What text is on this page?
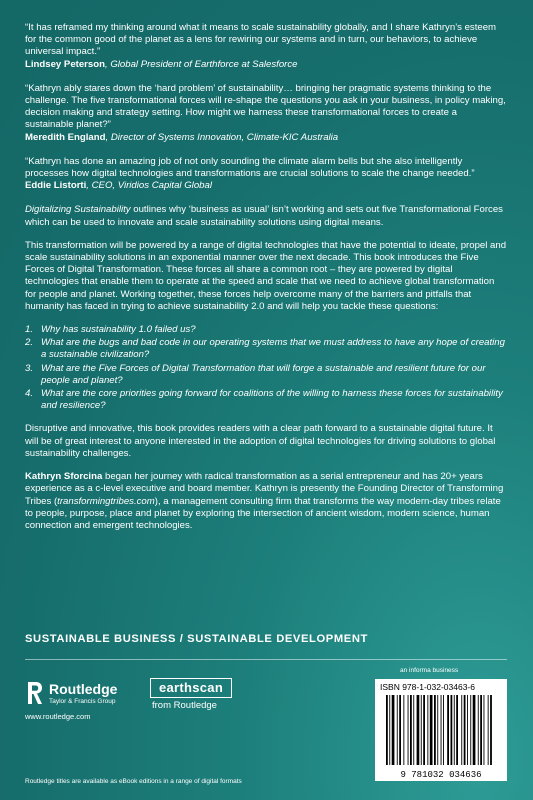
“It has reframed my thinking around what it means to scale sustainability globally, and I share Kathryn’s esteem for the common good of the planet as a lens for rewiring our systems and in turn, our behaviors, to achieve universal impact.”
Lindsey Peterson, Global President of Earthforce at Salesforce
“Kathryn ably stares down the ‘hard problem’ of sustainability… bringing her pragmatic systems thinking to the challenge. The five transformational forces will re-shape the questions you ask in your business, in policy making, decision making and strategy setting. How might we harness these transformational forces to create a sustainable planet?”
Meredith England, Director of Systems Innovation, Climate-KIC Australia
“Kathryn has done an amazing job of not only sounding the climate alarm bells but she also intelligently processes how digital technologies and transformations are crucial solutions to scale the change needed.”
Eddie Listorti, CEO, Viridios Capital Global

Digitalizing Sustainability outlines why ‘business as usual’ isn’t working and sets out five Transformational Forces which can be used to innovate and scale sustainability solutions using digital means.

This transformation will be powered by a range of digital technologies that have the potential to ideate, propel and scale sustainability solutions in an exponential manner over the next decade. This book introduces the Five Forces of Digital Transformation. These forces all share a common root – they are powered by digital technologies that enable them to operate at the speed and scale that we need to achieve global transformation for people and planet. Working together, these forces help overcome many of the barriers and pitfalls that humanity has faced in trying to achieve sustainability 2.0 and will help you tackle these questions:

1. Why has sustainability 1.0 failed us?
2. What are the bugs and bad code in our operating systems that we must address to have any hope of creating a sustainable civilization?
3. What are the Five Forces of Digital Transformation that will forge a sustainable and resilient future for our people and planet?
4. What are the core priorities going forward for coalitions of the willing to harness these forces for sustainability and resilience?

Disruptive and innovative, this book provides readers with a clear path forward to a sustainable digital future. It will be of great interest to anyone interested in the adoption of digital technologies for driving solutions to global sustainability challenges.

Kathryn Sforcina began her journey with radical transformation as a serial entrepreneur and has 20+ years experience as a c-level executive and board member. Kathryn is presently the Founding Director of Transforming Tribes (transformingtribes.com), a management consulting firm that transforms the way modern-day tribes relate to people, purpose, place and planet by exploring the intersection of ancient wisdom, modern science, human connection and emergent technologies.

SUSTAINABLE BUSINESS / SUSTAINABLE DEVELOPMENT
Routledge
Taylor & Francis Group
www.routledge.com
earthscan
from Routledge
an informa business
ISBN 978-1-032-03463-6
9 781032 034636
Routledge titles are available as eBook editions in a range of digital formats
